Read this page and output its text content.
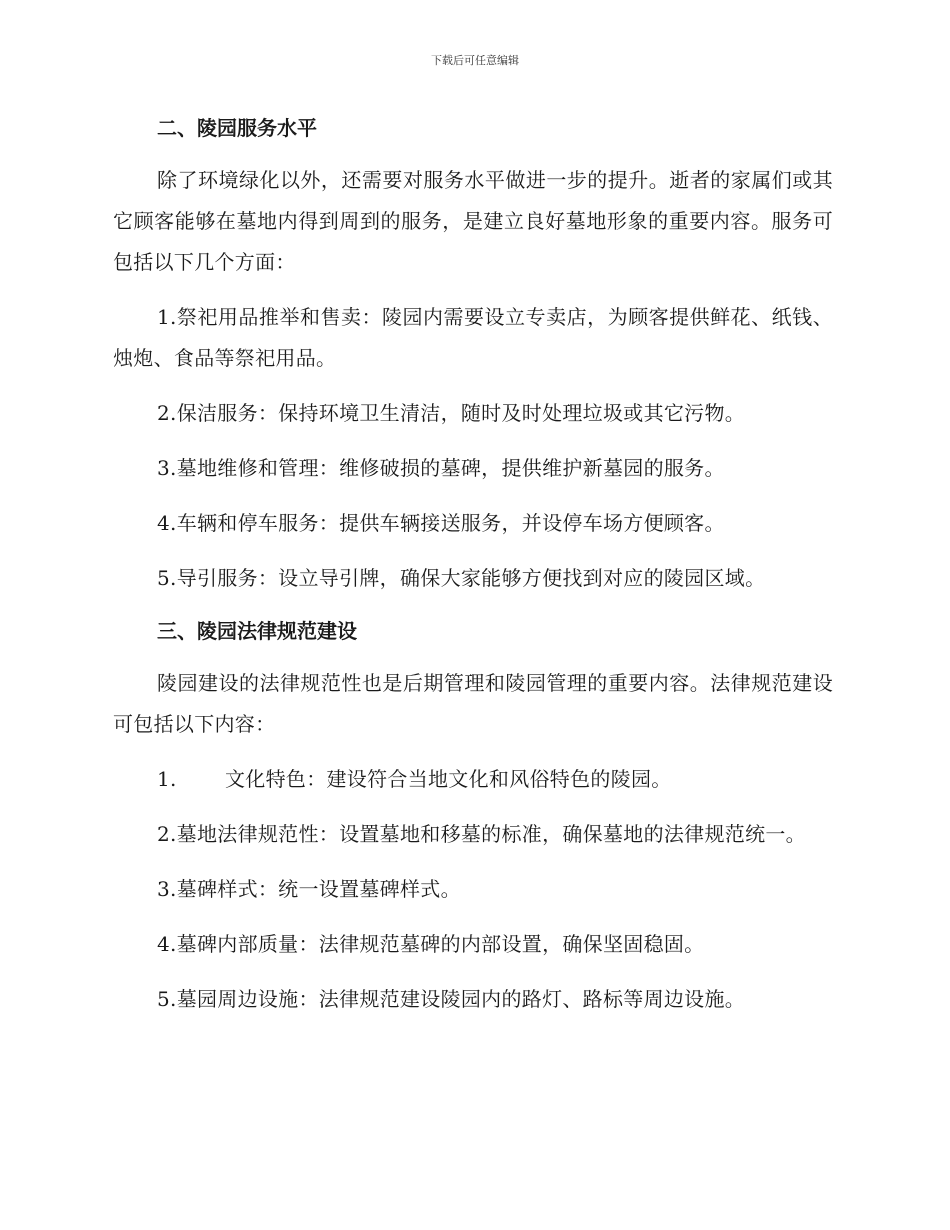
下载后可任意编辑
二、陵园服务水平

除了环境绿化以外，还需要对服务水平做进一步的提升。逝者的家属们或其它顾客能够在墓地内得到周到的服务，是建立良好墓地形象的重要内容。服务可包括以下几个方面：

1.祭祀用品推举和售卖：陵园内需要设立专卖店，为顾客提供鲜花、纸钱、烛炮、食品等祭祀用品。

2.保洁服务：保持环境卫生清洁，随时及时处理垃圾或其它污物。

3.墓地维修和管理：维修破损的墓碑，提供维护新墓园的服务。

4.车辆和停车服务：提供车辆接送服务，并设停车场方便顾客。

5.导引服务：设立导引牌，确保大家能够方便找到对应的陵园区域。

三、陵园法律规范建设

陵园建设的法律规范性也是后期管理和陵园管理的重要内容。法律规范建设可包括以下内容：

1. 文化特色：建设符合当地文化和风俗特色的陵园。

2.墓地法律规范性：设置墓地和移墓的标准，确保墓地的法律规范统一。

3.墓碑样式：统一设置墓碑样式。

4.墓碑内部质量：法律规范墓碑的内部设置，确保坚固稳固。

5.墓园周边设施：法律规范建设陵园内的路灯、路标等周边设施。
